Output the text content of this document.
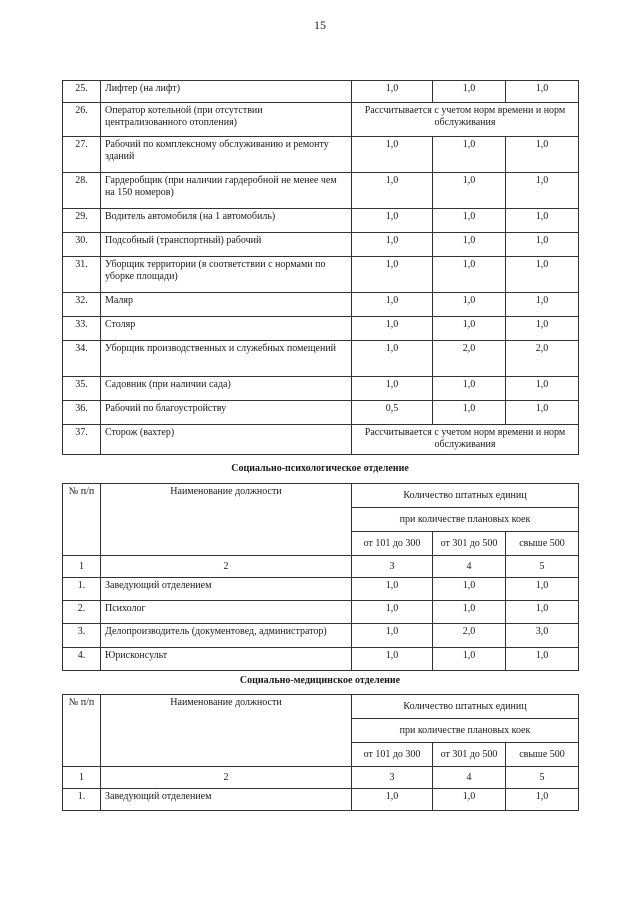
15
25.	Лифтер (на лифт)	1,0	1,0	1,0
26.	Оператор котельной (при отсутствии централизованного отопления)	Рассчитывается с учетом норм времени и норм обслуживания		
27.	Рабочий по комплексному обслуживанию и ремонту зданий	1,0	1,0	1,0
28.	Гардеробщик (при наличии гардеробной не менее чем на 150 номеров)	1,0	1,0	1,0
29.	Водитель автомобиля (на 1 автомобиль)	1,0	1,0	1,0
30.	Подсобный (транспортный) рабочий	1,0	1,0	1,0
31.	Уборщик территории (в соответствии с нормами по уборке площади)	1,0	1,0	1,0
32.	Маляр	1,0	1,0	1,0
33.	Столяр	1,0	1,0	1,0
34.	Уборщик производственных и служебных помещений	1,0	2,0	2,0
35.	Садовник (при наличии сада)	1,0	1,0	1,0
36.	Рабочий по благоустройству	0,5	1,0	1,0
37.	Сторож (вахтер)	Рассчитывается с учетом норм времени и норм обслуживания		
Социально-психологическое отделение
№ п/п	Наименование должности	Количество штатных единиц		
		при количестве плановых коек		
		от 101 до 300	от 301 до 500	свыше 500
1	2	3	4	5
1.	Заведующий отделением	1,0	1,0	1,0
2.	Психолог	1,0	1,0	1,0
3.	Делопроизводитель (документовед, администратор)	1,0	2,0	3,0
4.	Юрисконсульт	1,0	1,0	1,0
Социально-медицинское отделение
№ п/п	Наименование должности	Количество штатных единиц		
		при количестве плановых коек		
		от 101 до 300	от 301 до 500	свыше 500
1	2	3	4	5
1.	Заведующий отделением	1,0	1,0	1,0
